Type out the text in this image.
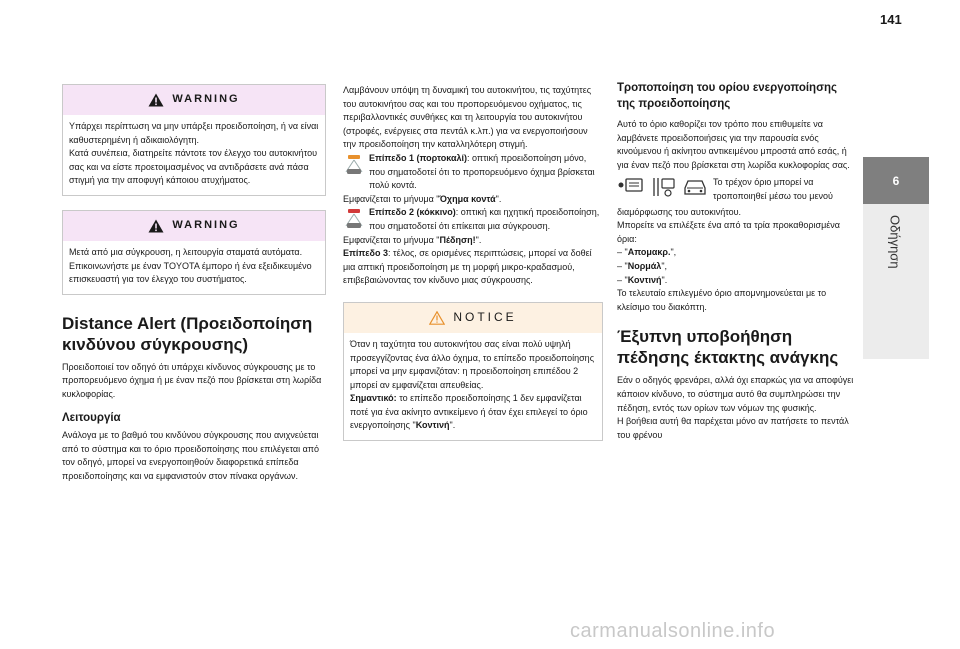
141
6
Οδήγηση
WARNING
Υπάρχει περίπτωση να μην υπάρξει προειδοποίηση, ή να είναι καθυστερημένη ή αδικαιολόγητη.
Κατά συνέπεια, διατηρείτε πάντοτε τον έλεγχο του αυτοκινήτου σας και να είστε προετοιμασμένος να αντιδράσετε ανά πάσα στιγμή για την αποφυγή κάποιου ατυχήματος.
WARNING
Μετά από μια σύγκρουση, η λειτουργία σταματά αυτόματα. Επικοινωνήστε με έναν TOYOTA έμπορο ή ένα εξειδικευμένο επισκευαστή για τον έλεγχο του συστήματος.
Distance Alert (Προειδοποίηση κινδύνου σύγκρουσης)
Προειδοποιεί τον οδηγό ότι υπάρχει κίνδυνος σύγκρουσης με το προπορευόμενο όχημα ή με έναν πεζό που βρίσκεται στη λωρίδα κυκλοφορίας.
Λειτουργία
Ανάλογα με το βαθμό του κινδύνου σύγκρουσης που ανιχνεύεται από το σύστημα και το όριο προειδοποίησης που επιλέγεται από τον οδηγό, μπορεί να ενεργοποιηθούν διαφορετικά επίπεδα προειδοποίησης και να εμφανιστούν στον πίνακα οργάνων.
Λαμβάνουν υπόψη τη δυναμική του αυτοκινήτου, τις ταχύτητες του αυτοκινήτου σας και του προπορευόμενου οχήματος, τις περιβαλλοντικές συνθήκες και τη λειτουργία του αυτοκινήτου (στροφές, ενέργειες στα πεντάλ κ.λπ.) για να ενεργοποιήσουν την προειδοποίηση την καταλληλότερη στιγμή.
Επίπεδο 1 (πορτοκαλί): οπτική προειδοποίηση μόνο, που σηματοδοτεί ότι το προπορευόμενο όχημα βρίσκεται πολύ κοντά.
Εμφανίζεται το μήνυμα "Όχημα κοντά".
Επίπεδο 2 (κόκκινο): οπτική και ηχητική προειδοποίηση, που σηματοδοτεί ότι επίκειται μια σύγκρουση.
Εμφανίζεται το μήνυμα "Πέδηση!".
Επίπεδο 3: τέλος, σε ορισμένες περιπτώσεις, μπορεί να δοθεί μια απτική προειδοποίηση με τη μορφή μικρο-κραδασμού, επιβεβαιώνοντας τον κίνδυνο μιας σύγκρουσης.
NOTICE
Όταν η ταχύτητα του αυτοκινήτου σας είναι πολύ υψηλή προσεγγίζοντας ένα άλλο όχημα, το επίπεδο προειδοποίησης μπορεί να μην εμφανιζόταν: η προειδοποίηση επιπέδου 2 μπορεί αν εμφανίζεται απευθείας.
Σημαντικό: το επίπεδο προειδοποίησης 1 δεν εμφανίζεται ποτέ για ένα ακίνητο αντικείμενο ή όταν έχει επιλεγεί το όριο ενεργοποίησης "Κοντινή".
Τροποποίηση του ορίου ενεργοποίησης της προειδοποίησης
Αυτό το όριο καθορίζει τον τρόπο που επιθυμείτε να λαμβάνετε προειδοποιήσεις για την παρουσία ενός κινούμενου ή ακίνητου αντικειμένου μπροστά από εσάς, ή για έναν πεζό που βρίσκεται στη λωρίδα κυκλοφορίας σας.
Το τρέχον όριο μπορεί να τροποποιηθεί μέσω του μενού
διαμόρφωσης του αυτοκινήτου.
Μπορείτε να επιλέξετε ένα από τα τρία προκαθορισμένα όρια:
– "Απομακρ.",
– "Νορμάλ",
– "Κοντινή".
Το τελευταίο επιλεγμένο όριο απομνημονεύεται με το κλείσιμο του διακόπτη.
Έξυπνη υποβοήθηση πέδησης έκτακτης ανάγκης
Εάν ο οδηγός φρενάρει, αλλά όχι επαρκώς για να αποφύγει κάποιον κίνδυνο, το σύστημα αυτό θα συμπληρώσει την πέδηση, εντός των ορίων των νόμων της φυσικής.
Η βοήθεια αυτή θα παρέχεται μόνο αν πατήσετε το πεντάλ του φρένου
carmanualsonline.info
